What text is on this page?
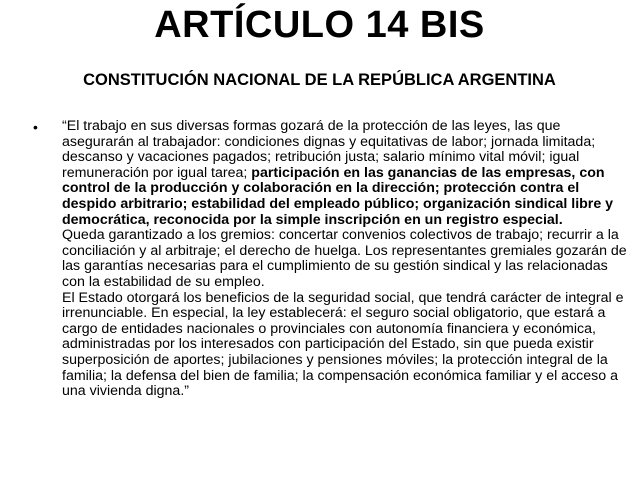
ARTÍCULO 14 BIS
CONSTITUCIÓN NACIONAL DE LA REPÚBLICA ARGENTINA
• “El trabajo en sus diversas formas gozará de la protección de las leyes, las que asegurarán al trabajador: condiciones dignas y equitativas de labor; jornada limitada; descanso y vacaciones pagados; retribución justa; salario mínimo vital móvil; igual remuneración por igual tarea; participación en las ganancias de las empresas, con control de la producción y colaboración en la dirección; protección contra el despido arbitrario; estabilidad del empleado público; organización sindical libre y democrática, reconocida por la simple inscripción en un registro especial.
Queda garantizado a los gremios: concertar convenios colectivos de trabajo; recurrir a la conciliación y al arbitraje; el derecho de huelga. Los representantes gremiales gozarán de las garantías necesarias para el cumplimiento de su gestión sindical y las relacionadas con la estabilidad de su empleo.
El Estado otorgará los beneficios de la seguridad social, que tendrá carácter de integral e irrenunciable. En especial, la ley establecerá: el seguro social obligatorio, que estará a cargo de entidades nacionales o provinciales con autonomía financiera y económica, administradas por los interesados con participación del Estado, sin que pueda existir superposición de aportes; jubilaciones y pensiones móviles; la protección integral de la familia; la defensa del bien de familia; la compensación económica familiar y el acceso a una vivienda digna.”
